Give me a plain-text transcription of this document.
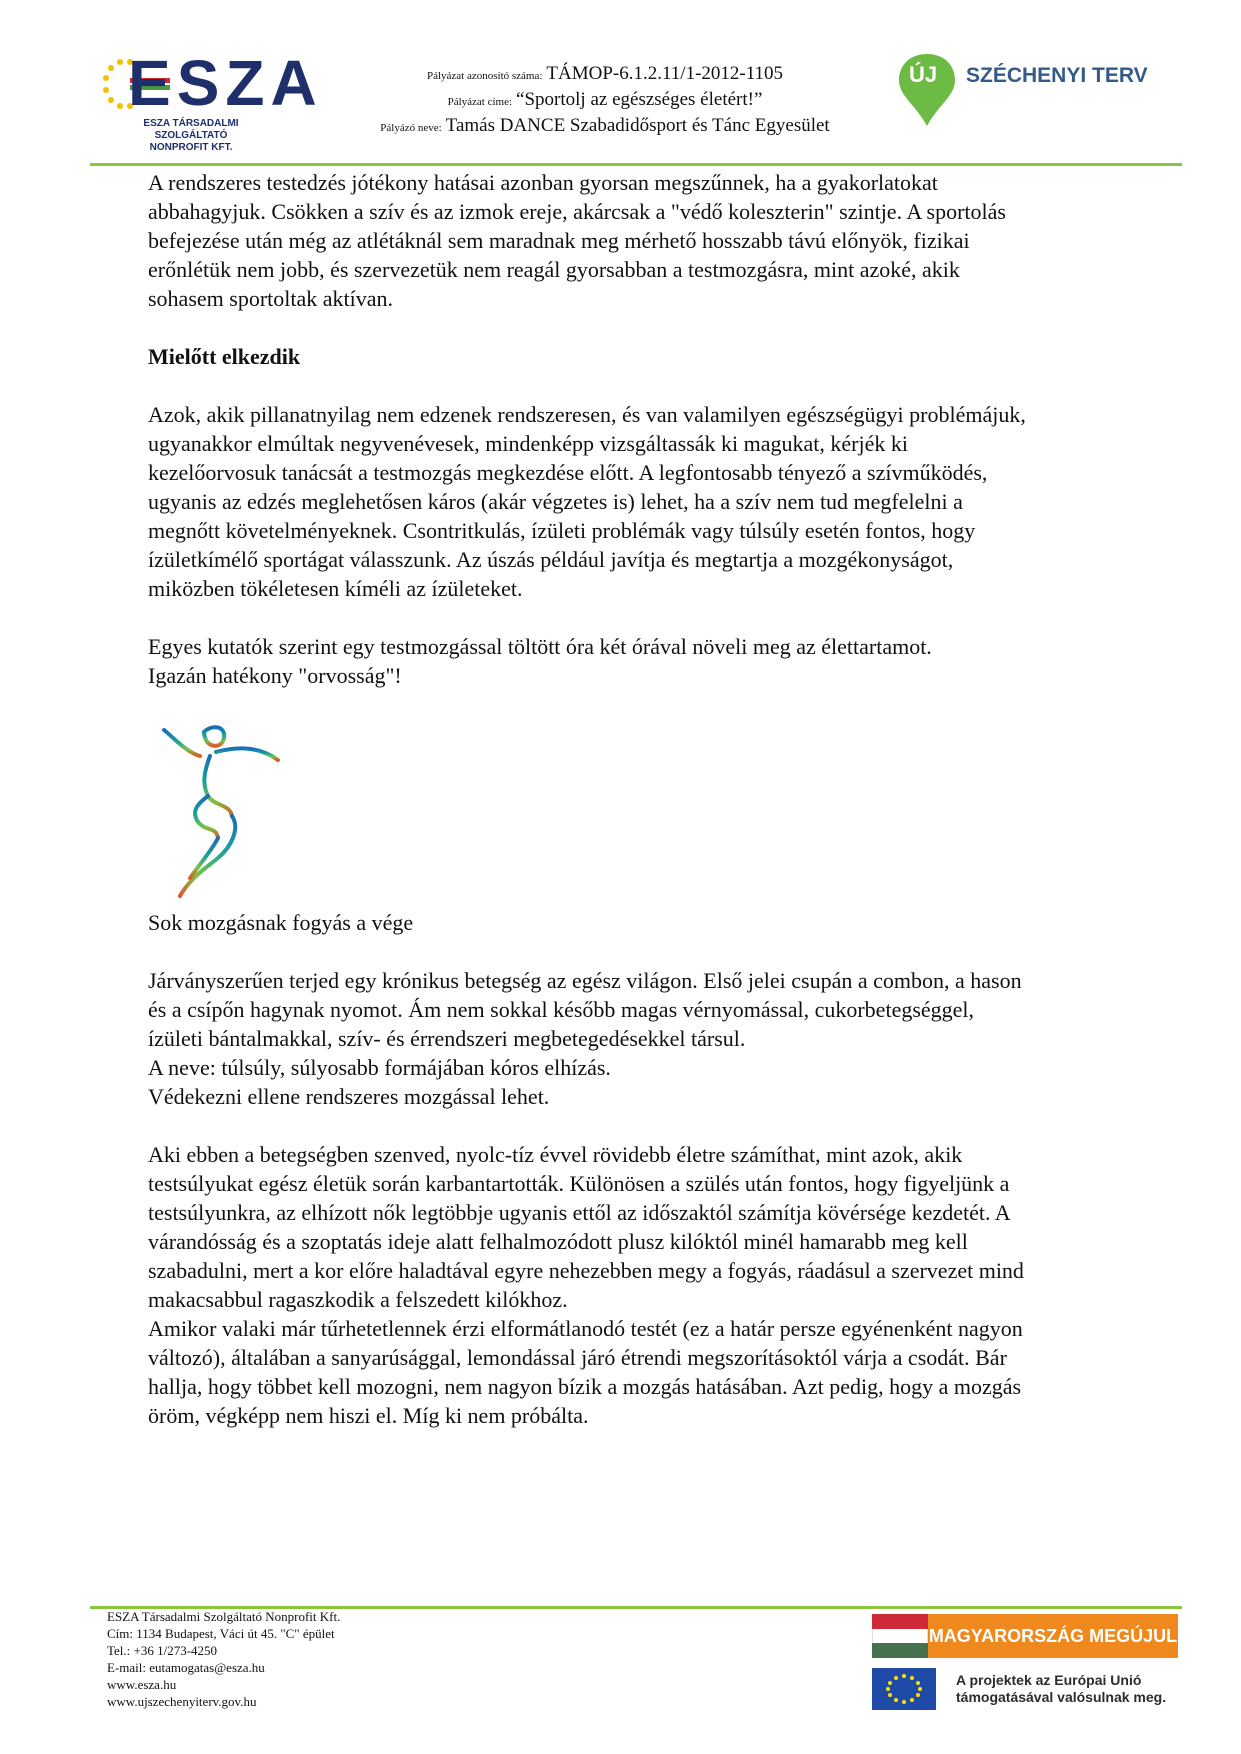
ESZA
ESZA TÁRSADALMI SZOLGÁLTATÓ
NONPROFIT KFT.
Pályázat azonosító száma: TÁMOP-6.1.2.11/1-2012-1105
Pályázat címe: “Sportolj az egészséges életért!”
Pályázó neve: Tamás DANCE Szabadidősport és Tánc Egyesület
ÚJ SZÉCHENYI TERV

A rendszeres testedzés jótékony hatásai azonban gyorsan megszűnnek, ha a gyakorlatokat
abbahagyjuk. Csökken a szív és az izmok ereje, akárcsak a "védő koleszterin" szintje. A sportolás
befejezése után még az atlétáknál sem maradnak meg mérhető hosszabb távú előnyök, fizikai
erőnlétük nem jobb, és szervezetük nem reagál gyorsabban a testmozgásra, mint azoké, akik
sohasem sportoltak aktívan.

Mielőtt elkezdik

Azok, akik pillanatnyilag nem edzenek rendszeresen, és van valamilyen egészségügyi problémájuk,
ugyanakkor elmúltak negyvenévesek, mindenképp vizsgáltassák ki magukat, kérjék ki
kezelőorvosuk tanácsát a testmozgás megkezdése előtt. A legfontosabb tényező a szívműködés,
ugyanis az edzés meglehetősen káros (akár végzetes is) lehet, ha a szív nem tud megfelelni a
megnőtt követelményeknek. Csontritkulás, ízületi problémák vagy túlsúly esetén fontos, hogy
ízületkímélő sportágat válasszunk. Az úszás például javítja és megtartja a mozgékonyságot,
miközben tökéletesen kíméli az ízületeket.

Egyes kutatók szerint egy testmozgással töltött óra két órával növeli meg az élettartamot.
Igazán hatékony "orvosság"!

Sok mozgásnak fogyás a vége

Járványszerűen terjed egy krónikus betegség az egész világon. Első jelei csupán a combon, a hason
és a csípőn hagynak nyomot. Ám nem sokkal később magas vérnyomással, cukorbetegséggel,
ízületi bántalmakkal, szív- és érrendszeri megbetegedésekkel társul.
A neve: túlsúly, súlyosabb formájában kóros elhízás.
Védekezni ellene rendszeres mozgással lehet.

Aki ebben a betegségben szenved, nyolc-tíz évvel rövidebb életre számíthat, mint azok, akik
testsúlyukat egész életük során karbantartották. Különösen a szülés után fontos, hogy figyeljünk a
testsúlyunkra, az elhízott nők legtöbbje ugyanis ettől az időszaktól számítja kövérsége kezdetét. A
várandósság és a szoptatás ideje alatt felhalmozódott plusz kilóktól minél hamarabb meg kell
szabadulni, mert a kor előre haladtával egyre nehezebben megy a fogyás, ráadásul a szervezet mind
makacsabbul ragaszkodik a felszedett kilókhoz.
Amikor valaki már tűrhetetlennek érzi elformátlanodó testét (ez a határ persze egyénenként nagyon
változó), általában a sanyarúsággal, lemondással járó étrendi megszorításoktól várja a csodát. Bár
hallja, hogy többet kell mozogni, nem nagyon bízik a mozgás hatásában. Azt pedig, hogy a mozgás
öröm, végképp nem hiszi el. Míg ki nem próbálta.

ESZA Társadalmi Szolgáltató Nonprofit Kft.
Cím: 1134 Budapest, Váci út 45. "C" épület
Tel.: +36 1/273-4250
E-mail: eutamogatas@esza.hu
www.esza.hu
www.ujszechenyiterv.gov.hu
MAGYARORSZÁG MEGÚJUL
A projektek az Európai Unió
támogatásával valósulnak meg.
